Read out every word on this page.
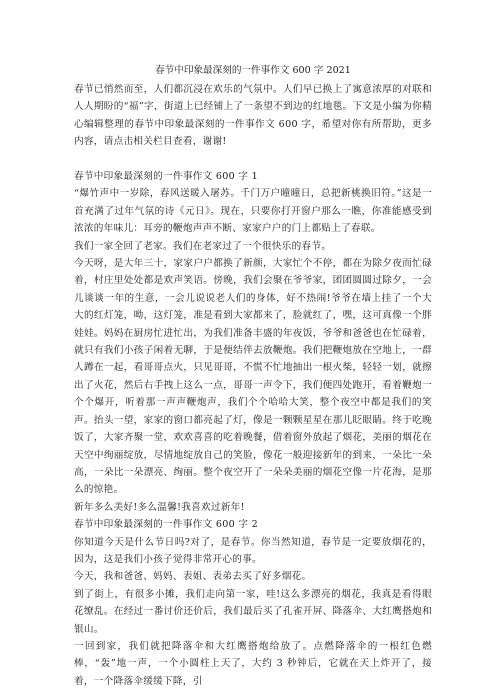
春节中印象最深刻的一件事作文 600 字 2021

春节已悄然而至，人们都沉浸在欢乐的气氛中。人们早已换上了寓意浓厚的对联和人人期盼的“福”字，街道上已经铺上了一条望不到边的红地毯。下文是小编为你精心编辑整理的春节中印象最深刻的一件事作文 600 字，希望对你有所帮助，更多内容，请点击相关栏目查看，谢谢!

春节中印象最深刻的一件事作文 600 字 1

“爆竹声中一岁除，春风送暖入屠苏。千门万户曈曈日，总把新桃换旧符。”这是一首充满了过年气氛的诗《元日》。现在，只要你打开窗户那么一瞧，你准能感受到浓浓的年味儿：耳旁的鞭炮声声不断、家家户户的门上都贴上了春联。

我们一家全回了老家。我们在老家过了一个很快乐的春节。

今天呀，是大年三十，家家户户都换了新颜，大家忙个不停，都在为除夕夜而忙碌着，村庄里处处都是欢声笑语。傍晚，我们会聚在爷爷家，团团圆圆过除夕，一会儿谈谈一年的生意，一会儿说说老人们的身体，好不热闹!爷爷在墙上挂了一个大大的红灯笼，呦，这灯笼，准是看到大家都来了，脸就红了，嘿，这可真像一个胖娃娃。妈妈在厨房忙进忙出，为我们准备丰盛的年夜饭，爷爷和爸爸也在忙碌着，就只有我们小孩子闲着无聊，于是便结伴去放鞭炮。我们把鞭炮放在空地上，一群人蹲在一起，看哥哥点火，只见哥哥，不慌不忙地抽出一根火柴，轻轻一划，就擦出了火花，然后右手拽上这么一点，哥哥一声令下，我们便四处跑开，看着鞭炮一个个爆开，听着那一声声鞭炮声，我们个个哈哈大笑，整个夜空中都是我们的笑声。抬头一望，家家的窗口都亮起了灯，像是一颗颗星星在那儿眨眼睛。终于吃晚饭了，大家齐聚一堂，欢欢喜喜的吃着晚餐，借着窗外放起了烟花，美丽的烟花在天空中绚丽绽放，尽情地绽放自己的笑脸，像花一般迎接新年的到来，一朵比一朵高，一朵比一朵漂亮、绚丽。整个夜空开了一朵朵美丽的烟花空像一片花海，是那么的惊艳。

新年多么美好!多么温馨!我喜欢过新年!

春节中印象最深刻的一件事作文 600 字 2

你知道今天是什么节日吗?对了，是春节。你当然知道，春节是一定要放烟花的，因为，这是我们小孩子觉得非常开心的事。

今天，我和爸爸、妈妈、表姐、表弟去买了好多烟花。

到了街上，有很多小摊，我们走向第一家，哇!这么多漂亮的烟花，我真是看得眼花缭乱。在经过一番讨价还价后，我们最后买了孔雀开屏、降落伞、大红鹰搭炮和银山。

一回到家，我们就把降落伞和大红鹰搭炮给放了。点燃降落伞的一根红色燃棒，“轰”地一声，一个小圆柱上天了，大约 3 秒钟后，它就在天上炸开了，接着，一个降落伞缓缓下降，引
